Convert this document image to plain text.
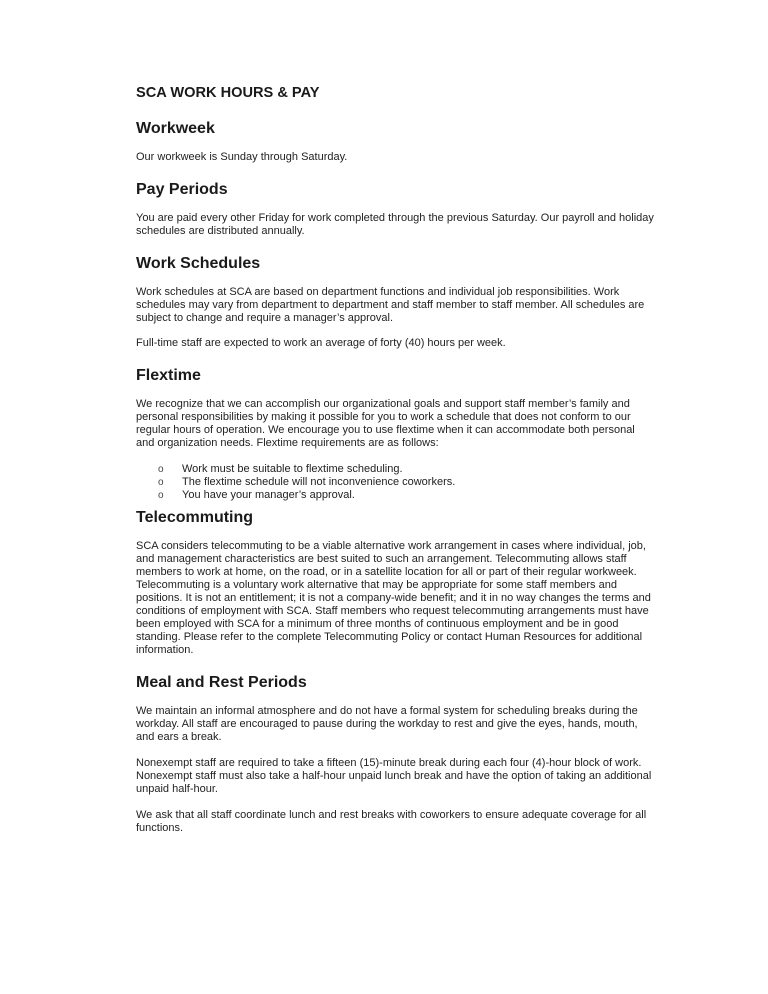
SCA WORK HOURS & PAY
Workweek

Our workweek is Sunday through Saturday.

Pay Periods

You are paid every other Friday for work completed through the previous Saturday. Our payroll and holiday schedules are distributed annually.

Work Schedules

Work schedules at SCA are based on department functions and individual job responsibilities. Work schedules may vary from department to department and staff member to staff member. All schedules are subject to change and require a manager’s approval.

Full-time staff are expected to work an average of forty (40) hours per week.

Flextime

We recognize that we can accomplish our organizational goals and support staff member’s family and personal responsibilities by making it possible for you to work a schedule that does not conform to our regular hours of operation. We encourage you to use flextime when it can accommodate both personal and organization needs. Flextime requirements are as follows:

o Work must be suitable to flextime scheduling.
o The flextime schedule will not inconvenience coworkers.
o You have your manager’s approval.
Telecommuting

SCA considers telecommuting to be a viable alternative work arrangement in cases where individual, job, and management characteristics are best suited to such an arrangement. Telecommuting allows staff members to work at home, on the road, or in a satellite location for all or part of their regular workweek. Telecommuting is a voluntary work alternative that may be appropriate for some staff members and positions. It is not an entitlement; it is not a company-wide benefit; and it in no way changes the terms and conditions of employment with SCA. Staff members who request telecommuting arrangements must have been employed with SCA for a minimum of three months of continuous employment and be in good standing. Please refer to the complete Telecommuting Policy or contact Human Resources for additional information.

Meal and Rest Periods

We maintain an informal atmosphere and do not have a formal system for scheduling breaks during the workday. All staff are encouraged to pause during the workday to rest and give the eyes, hands, mouth, and ears a break.

Nonexempt staff are required to take a fifteen (15)-minute break during each four (4)-hour block of work. Nonexempt staff must also take a half-hour unpaid lunch break and have the option of taking an additional unpaid half-hour.

We ask that all staff coordinate lunch and rest breaks with coworkers to ensure adequate coverage for all functions.
